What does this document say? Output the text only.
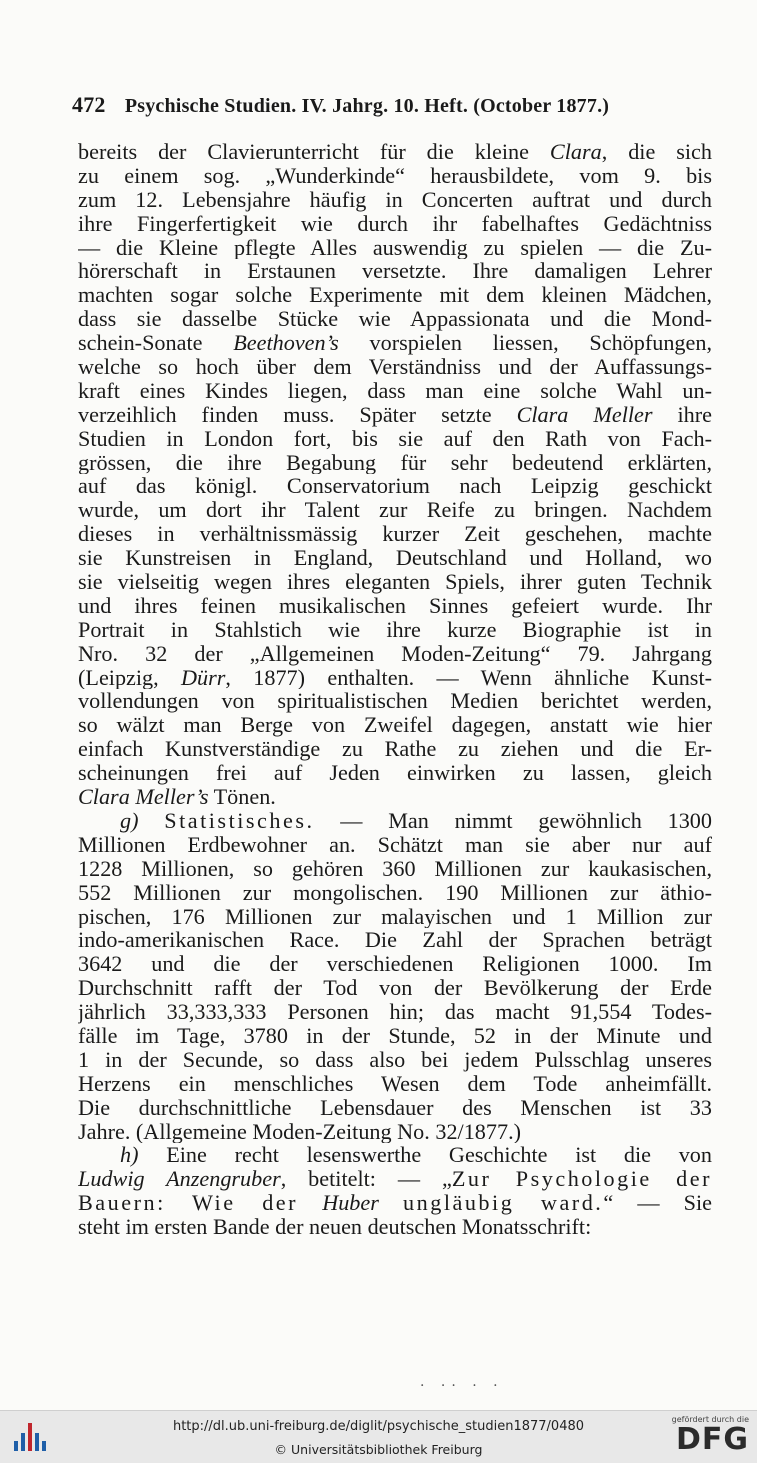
472 Psychische Studien. IV. Jahrg. 10. Heft. (October 1877.)
bereits der Clavierunterricht für die kleine Clara, die sich
zu einem sog. „Wunderkinde“ herausbildete, vom 9. bis
zum 12. Lebensjahre häufig in Concerten auftrat und durch
ihre Fingerfertigkeit wie durch ihr fabelhaftes Gedächtniss
— die Kleine pflegte Alles auswendig zu spielen — die Zu-
hörerschaft in Erstaunen versetzte. Ihre damaligen Lehrer
machten sogar solche Experimente mit dem kleinen Mädchen,
dass sie dasselbe Stücke wie Appassionata und die Mond-
schein-Sonate Beethoven’s vorspielen liessen, Schöpfungen,
welche so hoch über dem Verständniss und der Auffassungs-
kraft eines Kindes liegen, dass man eine solche Wahl un-
verzeihlich finden muss. Später setzte Clara Meller ihre
Studien in London fort, bis sie auf den Rath von Fach-
grössen, die ihre Begabung für sehr bedeutend erklärten,
auf das königl. Conservatorium nach Leipzig geschickt
wurde, um dort ihr Talent zur Reife zu bringen. Nachdem
dieses in verhältnissmässig kurzer Zeit geschehen, machte
sie Kunstreisen in England, Deutschland und Holland, wo
sie vielseitig wegen ihres eleganten Spiels, ihrer guten Technik
und ihres feinen musikalischen Sinnes gefeiert wurde. Ihr
Portrait in Stahlstich wie ihre kurze Biographie ist in
Nro. 32 der „Allgemeinen Moden-Zeitung“ 79. Jahrgang
(Leipzig, Dürr, 1877) enthalten. — Wenn ähnliche Kunst-
vollendungen von spiritualistischen Medien berichtet werden,
so wälzt man Berge von Zweifel dagegen, anstatt wie hier
einfach Kunstverständige zu Rathe zu ziehen und die Er-
scheinungen frei auf Jeden einwirken zu lassen, gleich
Clara Meller’s Tönen.
g) Statistisches. — Man nimmt gewöhnlich 1300
Millionen Erdbewohner an. Schätzt man sie aber nur auf
1228 Millionen, so gehören 360 Millionen zur kaukasischen,
552 Millionen zur mongolischen. 190 Millionen zur äthio-
pischen, 176 Millionen zur malayischen und 1 Million zur
indo-amerikanischen Race. Die Zahl der Sprachen beträgt
3642 und die der verschiedenen Religionen 1000. Im
Durchschnitt rafft der Tod von der Bevölkerung der Erde
jährlich 33,333,333 Personen hin; das macht 91,554 Todes-
fälle im Tage, 3780 in der Stunde, 52 in der Minute und
1 in der Secunde, so dass also bei jedem Pulsschlag unseres
Herzens ein menschliches Wesen dem Tode anheimfällt.
Die durchschnittliche Lebensdauer des Menschen ist 33
Jahre. (Allgemeine Moden-Zeitung No. 32/1877.)
h) Eine recht lesenswerthe Geschichte ist die von
Ludwig Anzengruber, betitelt: — „Zur Psychologie der
Bauern: Wie der Huber ungläubig ward.“ — Sie
steht im ersten Bande der neuen deutschen Monatsschrift:
· ·· · ·
http://dl.ub.uni-freiburg.de/diglit/psychische_studien1877/0480
© Universitätsbibliothek Freiburg
gefördert durch die
DFG
